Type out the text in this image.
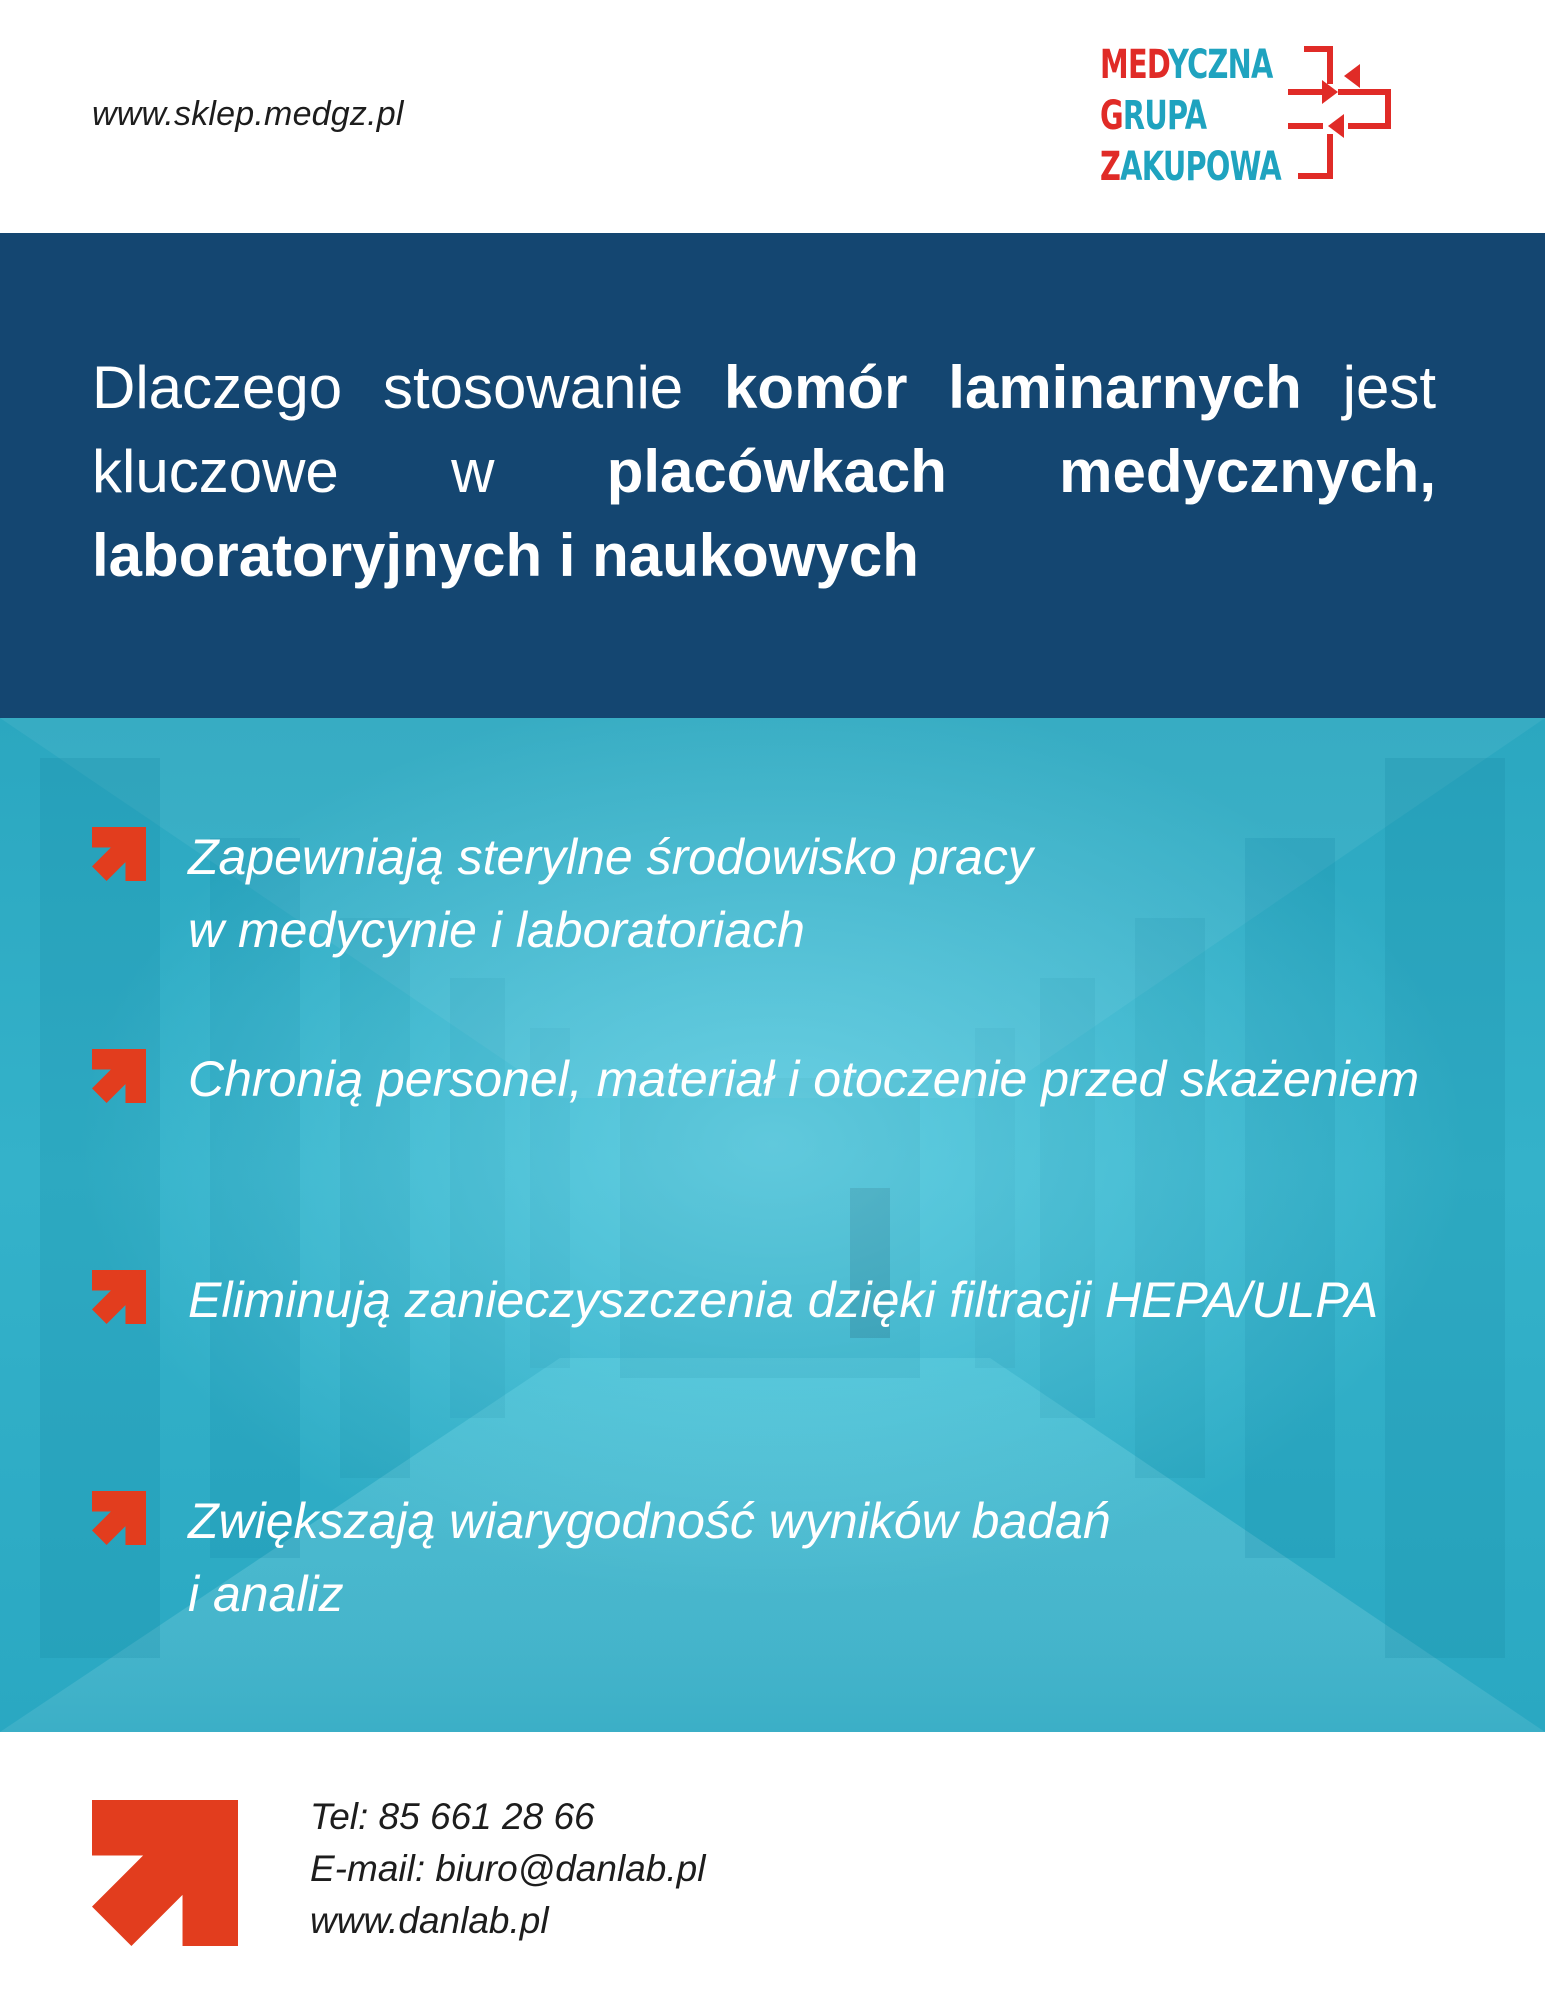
www.sklep.medgz.pl

MEDYCZNA
GRUPA
ZAKUPOWA
Dlaczego stosowanie komór laminarnych jest kluczowe w placówkach medycznych, laboratoryjnych i naukowych

Zapewniają sterylne środowisko pracy
w medycynie i laboratoriach

Chronią personel, materiał i otoczenie przed skażeniem

Eliminują zanieczyszczenia dzięki filtracji HEPA/ULPA

Zwiększają wiarygodność wyników badań
i analiz

Tel: 85 661 28 66
E-mail: biuro@danlab.pl
www.danlab.pl
